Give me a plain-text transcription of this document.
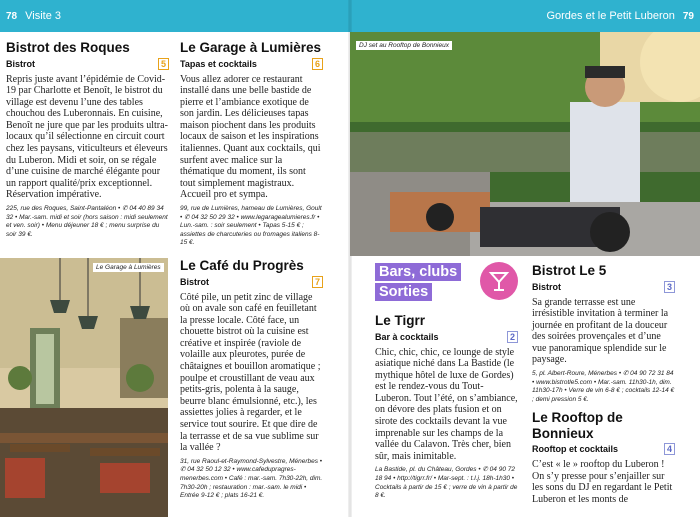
78 Visite 3	Gordes et le Petit Luberon 79
Bistrot des Roques
Bistrot	5

Repris juste avant l’épidémie de Covid-19 par Charlotte et Benoît, le bistrot du village est devenu l’une des tables chouchou des Luberonnais. En cuisine, Benoît ne jure que par les produits ultra-locaux qu’il sélectionne en circuit court chez les paysans, viticulteurs et éleveurs du Luberon. Midi et soir, on se régale d’une cuisine de marché élégante pour un rapport qualité/prix exceptionnel. Réservation impérative.

225, rue des Roques, Saint-Pantaléon • ✆ 04 40 89 34 32 • Mar.-sam. midi et soir (hors saison : midi seulement et ven. soir) • Menu déjeuner 18 € ; menu surprise du soir 39 €.
Le Garage à Lumières
Tapas et cocktails	6

Vous allez adorer ce restaurant installé dans une belle bastide de pierre et l’ambiance exotique de son jardin. Les délicieuses tapas maison piochent dans les produits locaux de saison et les inspirations italiennes. Quant aux cocktails, qui surfent avec malice sur la thématique du moment, ils sont tout simplement magistraux. Accueil pro et sympa.

99, rue de Lumières, hameau de Lumières, Goult • ✆ 04 32 50 29 32 • www.legaragealumieres.fr • Lun.-sam. : soir seulement • Tapas 5-15 € ; assiettes de charcuteries ou fromages italiens 8-15 €.
Le Café du Progrès
Bistrot	7

Côté pile, un petit zinc de village où on avale son café en feuilletant la presse locale. Côté face, un chouette bistrot où la cuisine est créative et inspirée (raviole de volaille aux pleurotes, purée de châtaignes et bouillon aromatique ; poulpe et croustillant de veau aux petits-gris, polenta à la sauge, beurre blanc émulsionné, etc.), les assiettes jolies à regarder, et le service tout sourire. Et que dire de la terrasse et de sa vue sublime sur la vallée ?

31, rue Raoul-et-Raymond-Sylvestre, Ménerbes • ✆ 04 32 50 12 32 • www.cafedupragres-menerbes.com • Café : mar.-sam. 7h30-22h, dim. 7h30-20h ; restauration : mar.-sam. le midi • Entrée 9-12 € ; plats 16-21 €.
Le Garage à Lumières
DJ set au Rooftop de Bonnieux
Bars, clubs
Sorties
Le Tigrr
Bar à cocktails	2

Chic, chic, chic, ce lounge de style asiatique niché dans La Bastide (le mythique hôtel de luxe de Gordes) est le rendez-vous du Tout-Luberon. Tout l’été, on s’ambiance, on dévore des plats fusion et on sirote des cocktails devant la vue imprenable sur les champs de la vallée du Calavon. Très cher, bien sûr, mais inimitable.

La Bastide, pl. du Château, Gordes • ✆ 04 90 72 18 94 • http://tigrr.fr/ • Mar-sept. : t.l.j. 18h-1h30 • Cocktails à partir de 15 € ; verre de vin à partir de 8 €.
Bistrot Le 5
Bistrot	3

Sa grande terrasse est une irrésistible invitation à terminer la journée en profitant de la douceur des soirées provençales et d’une vue panoramique splendide sur le paysage.

5, pl. Albert-Roure, Ménerbes • ✆ 04 90 72 31 84 • www.bistrotle5.com • Mar.-sam. 11h30-1h, dim. 11h30-17h • Verre de vin 6-8 € ; cocktails 12-14 € ; demi pression 5 €.
Le Rooftop de Bonnieux
Rooftop et cocktails	4

C’est « le » rooftop du Luberon ! On s’y presse pour s’enjailler sur les sons du DJ en regardant le Petit Luberon et les monts de
